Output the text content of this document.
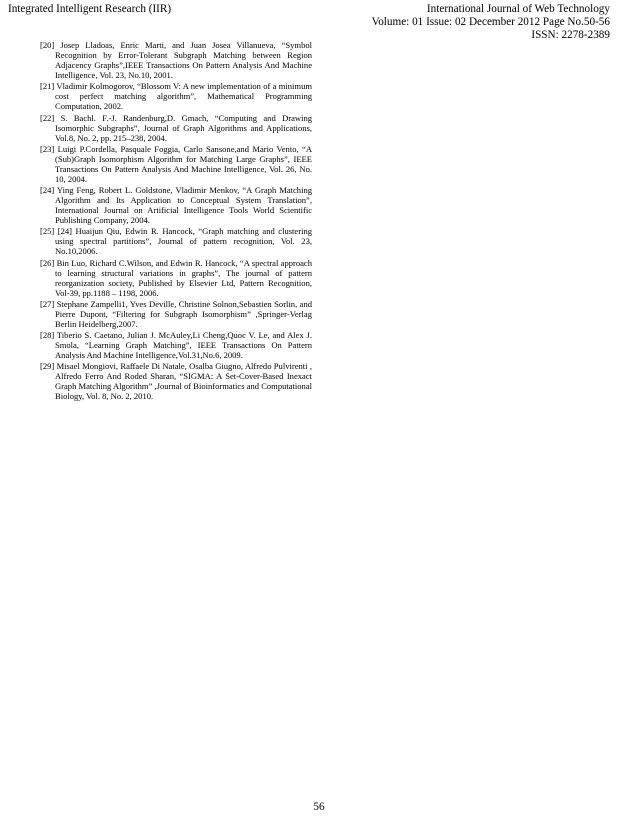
Integrated Intelligent Research (IIR)	International Journal of Web Technology
Volume: 01 Issue: 02 December 2012 Page No.50-56
ISSN: 2278-2389
[20] Josep Lladoas, Enric Marti, and Juan Josea Villanueva, “Symbol Recognition by Error-Tolerant Subgraph Matching between Region Adjacency Graphs”,IEEE Transactions On Pattern Analysis And Machine Intelligence, Vol. 23, No.10, 2001.
[21] Vladimir Kolmogorov, “Blossom V: A new implementation of a minimum cost perfect matching algorithm”, Mathematical Programming Computation, 2002.
[22] S. Bachl. F.-J. Randenburg,D. Gmach, “Computing and Drawing Isomorphic Subgraphs”, Journal of Graph Algorithms and Applications, Vol.8, No. 2, pp. 215–238, 2004.
[23] Luigi P.Cordella, Pasquale Foggia, Carlo Sansone,and Mario Vento, “A (Sub)Graph Isomorphism Algorithm for Matching Large Graphs”, IEEE Transactions On Pattern Analysis And Machine Intelligence, Vol. 26, No. 10, 2004.
[24] Ying Feng, Robert L. Goldstone, Vladimir Menkov, “A Graph Matching Algorithm and Its Application to Conceptual System Translation”, International Journal on Artificial Intelligence Tools World Scientific Publishing Company, 2004.
[25] [24] Huaijun Qiu, Edwin R. Hancock, “Graph matching and clustering using spectral partitions”, Journal of pattern recognition, Vol. 23, No.10,2006.
[26] Bin Luo, Richard C.Wilson, and Edwin R. Hancock, “A spectral approach to learning structural variations in graphs”, The journal of pattern reorganization society, Published by Elsevier Ltd, Pattern Recognition, Vol-39, pp.1188 – 1198, 2006.
[27] Stephane Zampelli1, Yves Deville, Christine Solnon,Sebastien Sorlin, and Pierre Dupont, “Filtering for Subgraph Isomorphism” ,Springer-Verlag Berlin Heidelberg,2007.
[28] Tiberio S. Caetano, Julian J. McAuley,Li Cheng,Quoc V. Le, and Alex J. Smola, “Learning Graph Matching”, IEEE Transactions On Pattern Analysis And Machine Intelligence,Vol.31,No.6, 2009.
[29] Misael Mongiovi, Raffaele Di Natale, Osalba Giugno, Alfredo Pulvirenti , Alfredo Ferro And Roded Sharan, “SIGMA: A Set-Cover-Based Inexact Graph Matching Algorithm” ,Journal of Bioinformatics and Computational Biology, Vol. 8, No. 2, 2010.
56
